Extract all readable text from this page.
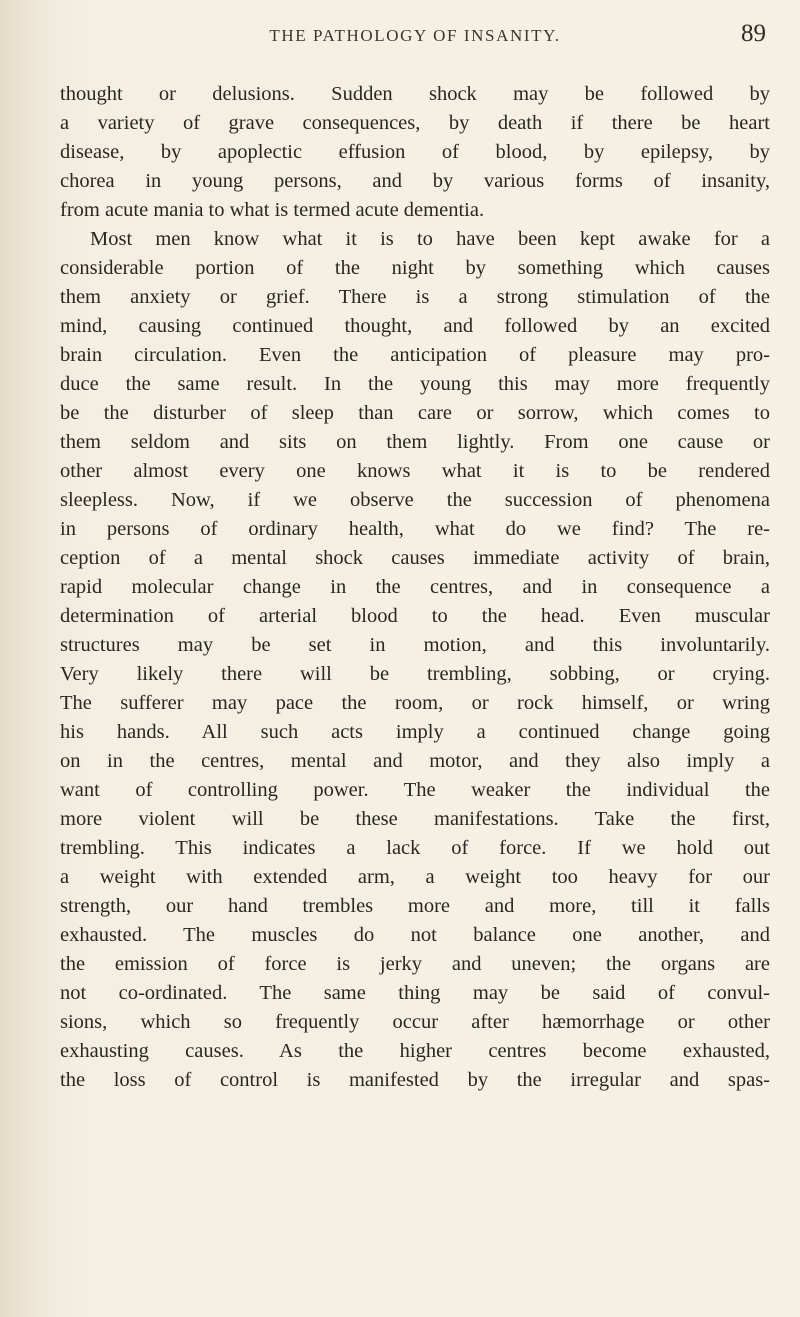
THE PATHOLOGY OF INSANITY.	89
thought or delusions. Sudden shock may be followed by
a variety of grave consequences, by death if there be heart
disease, by apoplectic effusion of blood, by epilepsy, by
chorea in young persons, and by various forms of insanity,
from acute mania to what is termed acute dementia.
Most men know what it is to have been kept awake for a
considerable portion of the night by something which causes
them anxiety or grief. There is a strong stimulation of the
mind, causing continued thought, and followed by an excited
brain circulation. Even the anticipation of pleasure may pro-
duce the same result. In the young this may more frequently
be the disturber of sleep than care or sorrow, which comes to
them seldom and sits on them lightly. From one cause or
other almost every one knows what it is to be rendered
sleepless. Now, if we observe the succession of phenomena
in persons of ordinary health, what do we find? The re-
ception of a mental shock causes immediate activity of brain,
rapid molecular change in the centres, and in consequence a
determination of arterial blood to the head. Even muscular
structures may be set in motion, and this involuntarily.
Very likely there will be trembling, sobbing, or crying.
The sufferer may pace the room, or rock himself, or wring
his hands. All such acts imply a continued change going
on in the centres, mental and motor, and they also imply a
want of controlling power. The weaker the individual the
more violent will be these manifestations. Take the first,
trembling. This indicates a lack of force. If we hold out
a weight with extended arm, a weight too heavy for our
strength, our hand trembles more and more, till it falls
exhausted. The muscles do not balance one another, and
the emission of force is jerky and uneven; the organs are
not co-ordinated. The same thing may be said of convul-
sions, which so frequently occur after hæmorrhage or other
exhausting causes. As the higher centres become exhausted,
the loss of control is manifested by the irregular and spas-
